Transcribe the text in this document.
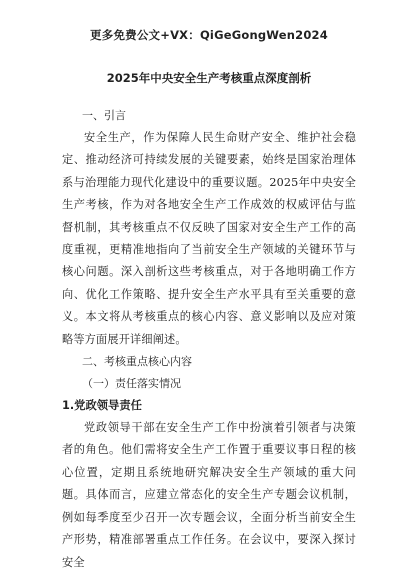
更多免费公文+VX：QiGeGongWen2024
2025年中央安全生产考核重点深度剖析
一、引言

安全生产，作为保障人民生命财产安全、维护社会稳定、推动经济可持续发展的关键要素，始终是国家治理体系与治理能力现代化建设中的重要议题。2025年中央安全生产考核，作为对各地安全生产工作成效的权威评估与监督机制，其考核重点不仅反映了国家对安全生产工作的高度重视，更精准地指向了当前安全生产领域的关键环节与核心问题。深入剖析这些考核重点，对于各地明确工作方向、优化工作策略、提升安全生产水平具有至关重要的意义。本文将从考核重点的核心内容、意义影响以及应对策略等方面展开详细阐述。

二、考核重点核心内容
（一）责任落实情况
1.党政领导责任

党政领导干部在安全生产工作中扮演着引领者与决策者的角色。他们需将安全生产工作置于重要议事日程的核心位置，定期且系统地研究解决安全生产领域的重大问题。具体而言，应建立常态化的安全生产专题会议机制，例如每季度至少召开一次专题会议，全面分析当前安全生产形势，精准部署重点工作任务。在会议中，要深入探讨安全
